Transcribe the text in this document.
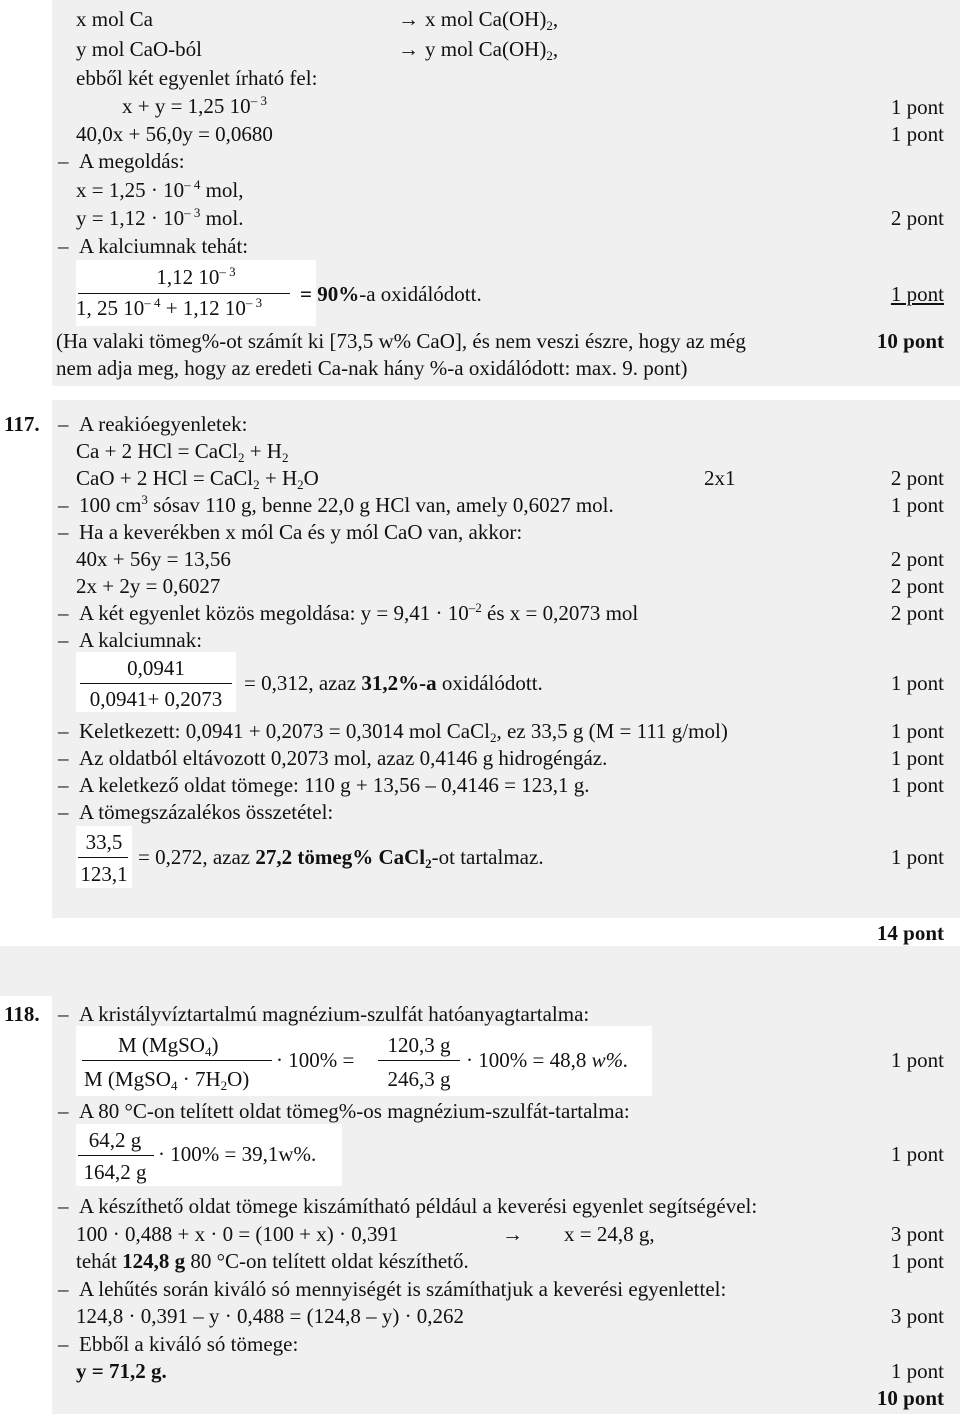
x mol Ca	→ x mol $Ca(OH)_2$,
y mol CaO-ból	→ y mol $Ca(OH)_2$,
ebből két egyenlet írható fel:
x + y = 1,25 $10^{- 3}$	1 pont
40,0x + 56,0y = 0,0680	1 pont
– A megoldás:
$x = 1,25 \cdot 10^{- 4}$ mol,
$y = 1,12 \cdot 10^{- 3}$ mol.	2 pont
– A kalciumnak tehát:
1,12 $10^{- 3}$
1, 25 $10^{- 4} + 1,12$ $10^{- 3} = 90\%-a$ oxidálódott.	1 pont
(Ha valaki tömeg%-ot számít ki [73,5 w% CaO], és nem veszi észre, hogy az még	10 pont
nem adja meg, hogy az eredeti Ca-nak hány %-a oxidálódott: max. 9. pont)
117. – A reakióegyenletek:
Ca + 2 HCl = CaCl$_2$ + $H_2$
CaO + 2 HCl = CaCl$_2$ + $H_2O$	2x1	2 pont
– 100 $cm^3$ sósav 110 g, benne 22,0 g HCl van, amely 0,6027 mol.	1 pont
– Ha a keverékben x mól Ca és y mól CaO van, akkor:
40x + 56y = 13,56	2 pont
2x + 2y = 0,6027	2 pont
– A két egyenlet közös megoldása: $y = 9,41 \cdot 10^{-2}$ és x = 0,2073 mol	2 pont
– A kalciumnak:
0,0941
0,0941+ 0,2073
= 0,312, azaz 31,2%-a oxidálódott.	1 pont
– Keletkezett: 0,0941 + 0,2073 = 0,3014 mol CaCl$_2$, ez 33,5 g (M = 111 g/mol)	1 pont
– Az oldatból eltávozott 0,2073 mol, azaz 0,4146 g hidrogéngáz.	1 pont
– A keletkező oldat tömege: 110 g + 13,56 – 0,4146 = 123,1 g.	1 pont
– A tömegszázalékos összetétel:
33,5
123,1
= 0,272, azaz 27,2 tömeg% CaCl$_2$-ot tartalmaz.	1 pont
14 pont
118. – A kristályvíztartalmú magnézium-szulfát hatóanyagtartalma:
M (MgSO$_4$)
M (MgSO$_4$ · $7H_2O$)
· 100% =
120,3 g
246,3 g
· 100% = 48,8 w%.	1 pont
– A 80 °C-on telített oldat tömeg%-os magnézium-szulfát-tartalma:
64,2 g
164,2 g
· 100% = 39,1w%.	1 pont
– A készíthető oldat tömege kiszámítható például a keverési egyenlet segítségével:
100 · 0,488 + x · 0 = (100 + x) · 0,391	→ x = 24,8 g,	3 pont
tehát 124,8 g 80 °C-on telített oldat készíthető.	1 pont
– A lehűtés során kiváló só mennyiségét is számíthatjuk a keverési egyenlettel:
124,8 · 0,391 – y · 0,488 = (124,8 – y) · 0,262	3 pont
– Ebből a kiváló só tömege:
y = 71,2 g.	1 pont
10 pont
